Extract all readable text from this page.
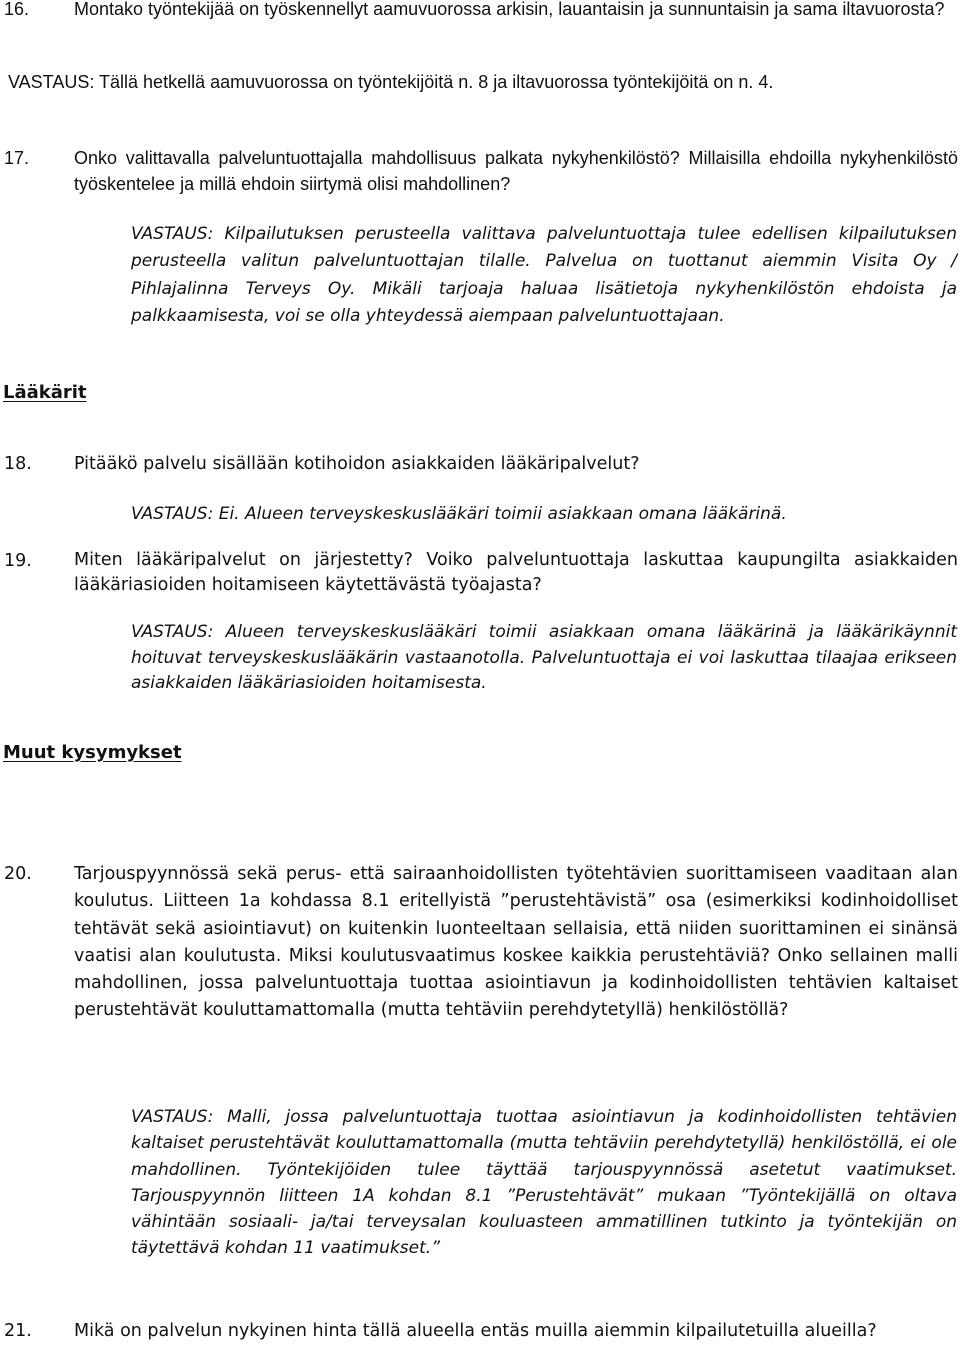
16. Montako työntekijää on työskennellyt aamuvuorossa arkisin, lauantaisin ja sunnuntaisin ja sama iltavuorosta?

VASTAUS: Tällä hetkellä aamuvuorossa on työntekijöitä n. 8 ja iltavuorossa työntekijöitä on n. 4.

17. Onko valittavalla palveluntuottajalla mahdollisuus palkata nykyhenkilöstö? Millaisilla ehdoilla nykyhenkilöstö työskentelee ja millä ehdoin siirtymä olisi mahdollinen?

VASTAUS: Kilpailutuksen perusteella valittava palveluntuottaja tulee edellisen kilpailutuksen perusteella valitun palveluntuottajan tilalle. Palvelua on tuottanut aiemmin Visita Oy / Pihlajalinna Terveys Oy. Mikäli tarjoaja haluaa lisätietoja nykyhenkilöstön ehdoista ja palkkaamisesta, voi se olla yhteydessä aiempaan palveluntuottajaan.

Lääkärit
18. Pitääkö palvelu sisällään kotihoidon asiakkaiden lääkäripalvelut?

VASTAUS: Ei. Alueen terveyskeskuslääkäri toimii asiakkaan omana lääkärinä.

19. Miten lääkäripalvelut on järjestetty? Voiko palveluntuottaja laskuttaa kaupungilta asiakkaiden lääkäriasioiden hoitamiseen käytettävästä työajasta?

VASTAUS: Alueen terveyskeskuslääkäri toimii asiakkaan omana lääkärinä ja lääkärikäynnit hoituvat terveyskeskuslääkärin vastaanotolla. Palveluntuottaja ei voi laskuttaa tilaajaa erikseen asiakkaiden lääkäriasioiden hoitamisesta.

Muut kysymykset
20. Tarjouspyynnössä sekä perus- että sairaanhoidollisten työtehtävien suorittamiseen vaaditaan alan koulutus. Liitteen 1a kohdassa 8.1 eritellyistä ”perustehtävistä” osa (esimerkiksi kodinhoidolliset tehtävät sekä asiointiavut) on kuitenkin luonteeltaan sellaisia, että niiden suorittaminen ei sinänsä vaatisi alan koulutusta. Miksi koulutusvaatimus koskee kaikkia perustehtäviä? Onko sellainen malli mahdollinen, jossa palveluntuottaja tuottaa asiointiavun ja kodinhoidollisten tehtävien kaltaiset perustehtävät kouluttamattomalla (mutta tehtäviin perehdytetyllä) henkilöstöllä?

VASTAUS: Malli, jossa palveluntuottaja tuottaa asiointiavun ja kodinhoidollisten tehtävien kaltaiset perustehtävät kouluttamattomalla (mutta tehtäviin perehdytetyllä) henkilöstöllä, ei ole mahdollinen. Työntekijöiden tulee täyttää tarjouspyynnössä asetetut vaatimukset. Tarjouspyynnön liitteen 1A kohdan 8.1 ”Perustehtävät” mukaan ”Työntekijällä on oltava vähintään sosiaali- ja/tai terveysalan kouluasteen ammatillinen tutkinto ja työntekijän on täytettävä kohdan 11 vaatimukset.”

21. Mikä on palvelun nykyinen hinta tällä alueella entäs muilla aiemmin kilpailutetuilla alueilla?
